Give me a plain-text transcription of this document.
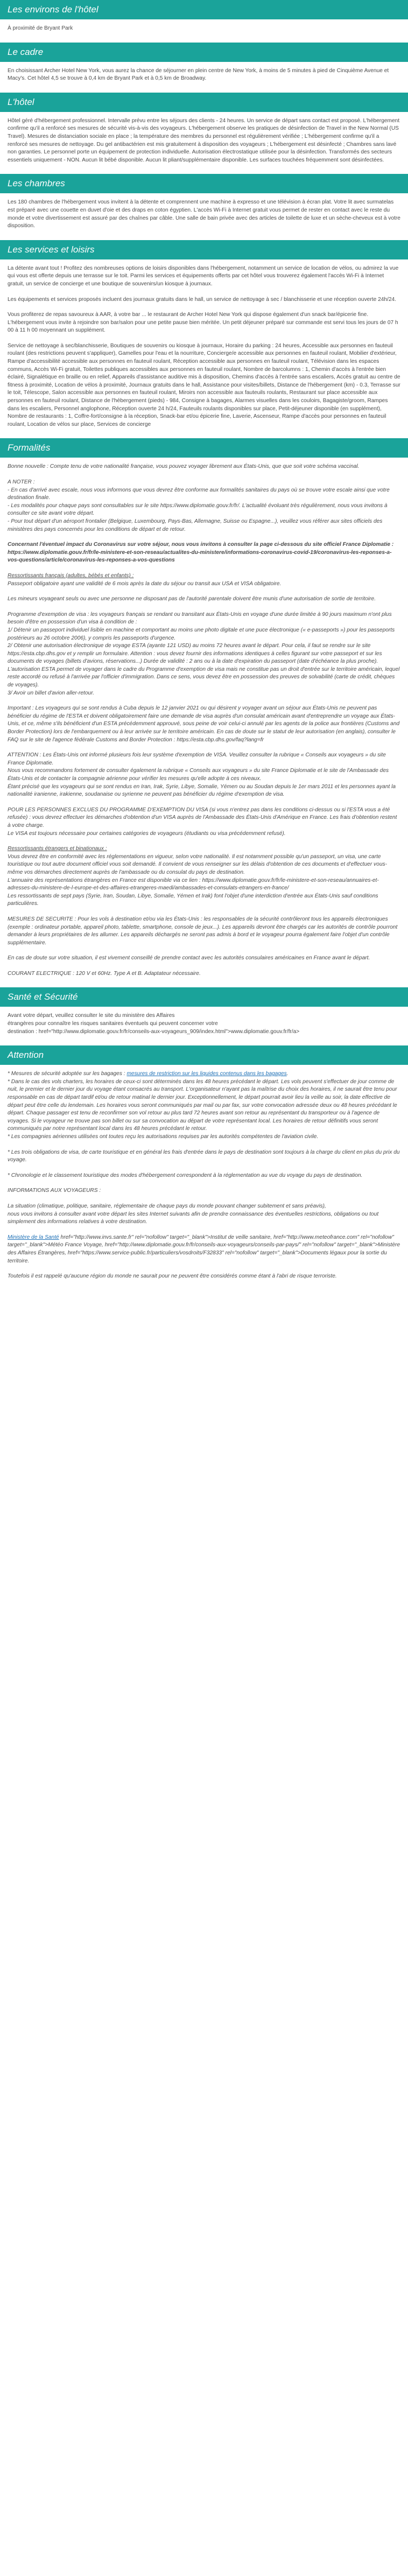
Les environs de l'hôtel

À proximité de Bryant Park

Le cadre

En choisissant Archer Hotel New York, vous aurez la chance de séjourner en plein centre de New York, à moins de 5 minutes à pied de Cinquième Avenue et Macy's. Cet hôtel 4,5 se trouve à 0,4 km de Bryant Park et à 0,5 km de Broadway.

L'hôtel

Hôtel géré d'hébergement professionnel. Intervalle prévu entre les séjours des clients - 24 heures. Un service de départ sans contact est proposé. L'hébergement confirme qu'il a renforcé ses mesures de sécurité vis-à-vis des voyageurs. L'hébergement observe les pratiques de désinfection de Travel in the New Normal (US Travel). Mesures de distanciation sociale en place ; la température des membres du personnel est régulièrement vérifiée ; L'hébergement confirme qu'il a renforcé ses mesures de nettoyage. Du gel antibactérien est mis gratuitement à disposition des voyageurs ; L'hébergement est désinfecté ; Chambres sans lavé non garanties. Le personnel porte un équipement de protection individuelle. Autorisation électrostatique utilisée pour la désinfection. Transformés des secteurs essentiels uniquement - NON. Aucun lit bébé disponible. Aucun lit pliant/supplémentaire disponible. Les surfaces touchées fréquemment sont désinfectées.

Les chambres

Les 180 chambres de l'hébergement vous invitent à la détente et comprennent une machine à expresso et une télévision à écran plat. Votre lit avec surmatelas est préparé avec une couette en duvet d'oie et des draps en coton égyptien. L'accès Wi-Fi à Internet gratuit vous permet de rester en contact avec le reste du monde et votre divertissement est assuré par des chaînes par câble. Une salle de bain privée avec des articles de toilette de luxe et un sèche-cheveux est à votre disposition.

Les services et loisirs

La détente avant tout ! Profitez des nombreuses options de loisirs disponibles dans l'hébergement, notamment un service de location de vélos, ou admirez la vue qui vous est offerte depuis une terrasse sur le toit. Parmi les services et équipements offerts par cet hôtel vous trouverez également l'accès Wi-Fi à Internet gratuit, un service de concierge et une boutique de souvenirs/un kiosque à journaux.

Les équipements et services proposés incluent des journaux gratuits dans le hall, un service de nettoyage à sec / blanchisserie et une réception ouverte 24h/24.

Vous profiterez de repas savoureux à AAR, à votre bar ... le restaurant de Archer Hotel New York qui dispose également d'un snack bar/épicerie fine. L'hébergement vous invite à rejoindre son bar/salon pour une petite pause bien méritée. Un petit déjeuner préparé sur commande est servi tous les jours de 07 h 00 à 11 h 00 moyennant un supplément.

Service de nettoyage à sec/blanchisserie, Boutiques de souvenirs ou kiosque à journaux, Horaire du parking : 24 heures, Accessible aux personnes en fauteuil roulant (des restrictions peuvent s'appliquer), Gamelles pour l'eau et la nourriture, Concierge/e accessible aux personnes en fauteuil roulant, Mobilier d'extérieur, Rampe d'accessibilité accessible aux personnes en fauteuil roulant, Réception accessible aux personnes en fauteuil roulant, Télévision dans les espaces communs, Accès Wi-Fi gratuit, Toilettes publiques accessibles aux personnes en fauteuil roulant, Nombre de barcolumns : 1, Chemin d'accès à l'entrée bien éclairé, Signalétique en braille ou en relief, Appareils d'assistance auditive mis à disposition, Chemins d'accès à l'entrée sans escaliers, Accès gratuit au centre de fitness à proximité, Location de vélos à proximité, Journaux gratuits dans le hall, Assistance pour visites/billets, Distance de l'hébergement (km) - 0.3, Terrasse sur le toit, Télescope, Salon accessible aux personnes en fauteuil roulant, Miroirs non accessible aux fauteuils roulants, Restaurant sur place accessible aux personnes en fauteuil roulant, Distance de l'hébergement (pieds) - 984, Consigne à bagages, Alarmes visuelles dans les couloirs, Bagagiste/groom, Rampes dans les escaliers, Personnel anglophone, Réception ouverte 24 h/24, Fauteuils roulants disponibles sur place, Petit-déjeuner disponible (en supplément), Nombre de restaurants : 1, Coffre-fort/consigne à la réception, Snack-bar et/ou épicerie fine, Laverie, Ascenseur, Rampe d'accès pour personnes en fauteuil roulant, Location de vélos sur place, Services de concierge

Formalités

Bonne nouvelle : Compte tenu de votre nationalité française, vous pouvez voyager librement aux États-Unis, que que soit votre schéma vaccinal.

A NOTER :
- En cas d'arrivé avec escale, nous vous informons que vous devrez être conforme aux formalités sanitaires du pays où se trouve votre escale ainsi que votre destination finale.
- Les modalités pour chaque pays sont consultables sur le site https://www.diplomatie.gouv.fr/fr/. L'actualité évoluant très régulièrement, nous vous invitons à consulter ce site avant votre départ.
- Pour tout départ d'un aéroport frontalier (Belgique, Luxembourg, Pays-Bas, Allemagne, Suisse ou Espagne...), veuillez vous référer aux sites officiels des ministères des pays concernés pour les conditions de départ et de retour.

Concernant l'éventuel impact du Coronavirus sur votre séjour, nous vous invitons à consulter la page ci-dessous du site officiel France Diplomatie :
https://www.diplomatie.gouv.fr/fr/le-ministere-et-son-reseau/actualites-du-ministere/informations-coronavirus-covid-19/coronavirus-les-reponses-a-vos-questions/article/coronavirus-les-reponses-a-vos-questions

Ressortissants français (adultes, bébés et enfants) :
Passeport obligatoire ayant une validité de 6 mois après la date du séjour ou transit aux USA et VISA obligatoire.

Les mineurs voyageant seuls ou avec une personne ne disposant pas de l'autorité parentale doivent être munis d'une autorisation de sortie de territoire.

Programme d'exemption de visa : les voyageurs français se rendant ou transitant aux États-Unis en voyage d'une durée limitée à 90 jours maximum n'ont plus besoin d'être en possession d'un visa à condition de :
1/ Détenir un passeport individuel lisible en machine et comportant au moins une photo digitale et une puce électronique (« e-passeports ») pour les passeports postérieurs au 26 octobre 2006), y compris les passeports d'urgence.
2/ Obtenir une autorisation électronique de voyage ESTA (ayante 121 USD) au moins 72 heures avant le départ. Pour cela, il faut se rendre sur le site https://esta.cbp.dhs.gov et y remplir un formulaire. Attention : vous devez fournir des informations identiques à celles figurant sur votre passeport et sur les documents de voyages (billets d'avions, réservations...) Durée de validité : 2 ans ou à la date d'expiration du passeport (date d'échéance la plus proche). L'autorisation ESTA permet de voyager dans le cadre du Programme d'exemption de visa mais ne constitue pas un droit d'entrée sur le territoire américain, lequel reste accordé ou refusé à l'arrivée par l'officier d'immigration. Dans ce sens, vous devez être en possession des preuves de solvabilité (carte de crédit, chèques de voyages).
3/ Avoir un billet d'avion aller-retour.

Important : Les voyageurs qui se sont rendus à Cuba depuis le 12 janvier 2021 ou qui désirent y voyager avant un séjour aux États-Unis ne peuvent pas bénéficier du régime de l'ESTA et doivent obligatoirement faire une demande de visa auprès d'un consulat américain avant d'entreprendre un voyage aux États-Unis, et ce, même s'ils bénéficient d'un ESTA précédemment approuvé, sous peine de voir celui-ci annulé par les agents de la police aux frontières (Customs and Border Protection) lors de l'embarquement ou à leur arrivée sur le territoire américain. En cas de doute sur le statut de leur autorisation (en anglais), consulter le FAQ sur le site de l'agence fédérale Customs and Border Protection : https://esta.cbp.dhs.gov/faq?lang=fr

ATTENTION : Les États-Unis ont informé plusieurs fois leur système d'exemption de VISA. Veuillez consulter la rubrique « Conseils aux voyageurs » du site France Diplomatie.
Nous vous recommandons fortement de consulter également la rubrique « Conseils aux voyageurs » du site France Diplomatie et le site de l'Ambassade des États-Unis et de contacter la compagnie aérienne pour vérifier les mesures qu'elle adopte à ces niveaux.
Étant précisé que les voyageurs qui se sont rendus en Iran, Irak, Syrie, Libye, Somalie, Yémen ou au Soudan depuis le 1er mars 2011 et les personnes ayant la nationalité iranienne, irakienne, soudanaise ou syrienne ne peuvent pas bénéficier du régime d'exemption de visa.

POUR LES PERSONNES EXCLUES DU PROGRAMME D'EXEMPTION DU VISA (si vous n'entrez pas dans les conditions ci-dessus ou si l'ESTA vous a été refusée) : vous devrez effectuer les démarches d'obtention d'un VISA auprès de l'Ambassade des États-Unis d'Amérique en France. Les frais d'obtention restent à votre charge.
Le VISA est toujours nécessaire pour certaines catégories de voyageurs (étudiants ou visa précédemment refusé).

Ressortissants étrangers et binationaux :
Vous devrez être en conformité avec les réglementations en vigueur, selon votre nationalité. Il est notamment possible qu'un passeport, un visa, une carte touristique ou tout autre document officiel vous soit demandé. Il convient de vous renseigner sur les délais d'obtention de ces documents et d'effectuer vous-même vos démarches directement auprès de l'ambassade ou du consulat du pays de destination.
L'annuaire des représentations étrangères en France est disponible via ce lien : https://www.diplomatie.gouv.fr/fr/le-ministere-et-son-reseau/annuaires-et-adresses-du-ministere-de-l-europe-et-des-affaires-etrangeres-maedi/ambassades-et-consulats-etrangers-en-france/
Les ressortissants de sept pays (Syrie, Iran, Soudan, Libye, Somalie, Yémen et Irak) font l'objet d'une interdiction d'entrée aux États-Unis sauf conditions particulières.

MESURES DE SECURITE : Pour les vols à destination et/ou via les États-Unis : les responsables de la sécurité contrôleront tous les appareils électroniques (exemple : ordinateur portable, appareil photo, tablette, smartphone, console de jeux...). Les appareils devront être chargés car les autorités de contrôle pourront demander à leurs propriétaires de les allumer. Les appareils déchargés ne seront pas admis à bord et le voyageur pourra également faire l'objet d'un contrôle supplémentaire.

En cas de doute sur votre situation, il est vivement conseillé de prendre contact avec les autorités consulaires américaines en France avant le départ.

COURANT ELECTRIQUE : 120 V et 60Hz. Type A et B. Adaptateur nécessaire.

Santé et Sécurité

Avant votre départ, veuillez consulter le site du ministère des Affaires
étrangères pour connaître les risques sanitaires éventuels qui peuvent concerner votre
destination : href="http://www.diplomatie.gouv.fr/fr/conseils-aux-voyageurs_909/index.html">www.diplomatie.gouv.fr/fr/a>

Attention

* Mesures de sécurité adoptée sur les bagages : mesures de restriction sur les liquides contenus dans les bagages.
* Dans le cas des vols charters, les horaires de ceux-ci sont déterminés dans les 48 heures précédant le départ. Les vols peuvent s'effectuer de jour comme de nuit, le premier et le dernier jour du voyage étant consacrés au transport. L'organisateur n'ayant pas la maîtrise du choix des horaires, il ne saurait être tenu pour responsable en cas de départ tardif et/ou de retour matinal le dernier jour. Exceptionnellement, le départ pourrait avoir lieu la veille au soir, la date effective de départ peut être celle du lendemain. Les horaires vous seront communiqués par mail ou par fax, sur votre convocation adressée deux ou 48 heures précédant le départ. Chaque passager est tenu de reconfirmer son vol retour au plus tard 72 heures avant son retour au représentant du transporteur ou à l'agence de voyages. Si le voyageur ne trouve pas son billet ou sur sa convocation au départ de votre représentant local. Les horaires de retour définitifs vous seront communiqués par notre représentant local dans les 48 heures précédant le retour.
* Les compagnies aériennes utilisées ont toutes reçu les autorisations requises par les autorités compétentes de l'aviation civile.

* Les trois obligations de visa, de carte touristique et en général les frais d'entrée dans le pays de destination sont toujours à la charge du client en plus du prix du voyage.

* Chronologie et le classement touristique des modes d'hébergement correspondent à la réglementation au vue du voyage du pays de destination.

INFORMATIONS AUX VOYAGEURS :

La situation (climatique, politique, sanitaire, réglementaire de chaque pays du monde pouvant changer subitement et sans préavis),
nous vous invitons à consulter avant votre départ les sites Internet suivants afin de prendre connaissance des éventuelles restrictions, obligations ou tout simplement des informations relatives à votre destination.

Ministère de la Santé href="http://www.invs.sante.fr" rel="nofollow" target="_blank">Institut de veille sanitaire, href="http://www.meteofrance.com" rel="nofollow" target="_blank">Météo France Voyage, href="http://www.diplomatie.gouv.fr/fr/conseils-aux-voyageurs/conseils-par-pays/" rel="nofollow" target="_blank">Ministère des Affaires Étrangères, href="https://www.service-public.fr/particuliers/vosdroits/F32833" rel="nofollow" target="_blank">Documents légaux pour la sortie du territoire.

Toutefois il est rappelé qu'aucune région du monde ne saurait pour ne peuvent être considérés comme étant à l'abri de risque terroriste.
